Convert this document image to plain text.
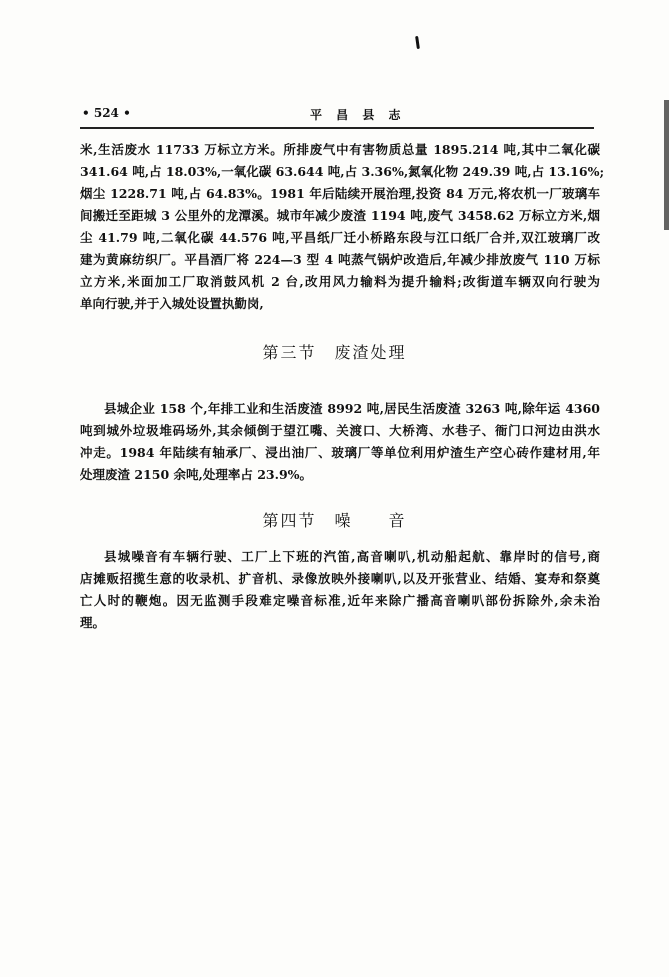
• 524 •	平 昌 县 志
米,生活废水 11733 万标立方米。所排废气中有害物质总量 1895.214 吨,其中二氧化碳
341.64 吨,占 18.03%,一氧化碳 63.644 吨,占 3.36%,氮氧化物 249.39 吨,占 13.16%;
烟尘 1228.71 吨,占 64.83%。1981 年后陆续开展治理,投资 84 万元,将农机一厂玻璃车
间搬迁至距城 3 公里外的龙潭溪。城市年减少废渣 1194 吨,废气 3458.62 万标立方米,烟
尘 41.79 吨,二氧化碳 44.576 吨,平昌纸厂迁小桥路东段与江口纸厂合并,双江玻璃厂改
建为黄麻纺织厂。平昌酒厂将 224—3 型 4 吨蒸气锅炉改造后,年减少排放废气 110 万标
立方米,米面加工厂取消鼓风机 2 台,改用风力输料为提升输料;改街道车辆双向行驶为
单向行驶,并于入城处设置执勤岗,
第三节　废渣处理
县城企业 158 个,年排工业和生活废渣 8992 吨,居民生活废渣 3263 吨,除年运 4360
吨到城外垃圾堆码场外,其余倾倒于望江嘴、关渡口、大桥湾、水巷子、衙门口河边由洪水
冲走。1984 年陆续有轴承厂、浸出油厂、玻璃厂等单位利用炉渣生产空心砖作建材用,年
处理废渣 2150 余吨,处理率占 23.9%。
第四节　噪　　音
县城噪音有车辆行驶、工厂上下班的汽笛,高音喇叭,机动船起航、靠岸时的信号,商
店摊贩招揽生意的收录机、扩音机、录像放映外接喇叭,以及开张营业、结婚、宴寿和祭奠
亡人时的鞭炮。因无监测手段难定噪音标准,近年来除广播高音喇叭部份拆除外,余未治
理。
